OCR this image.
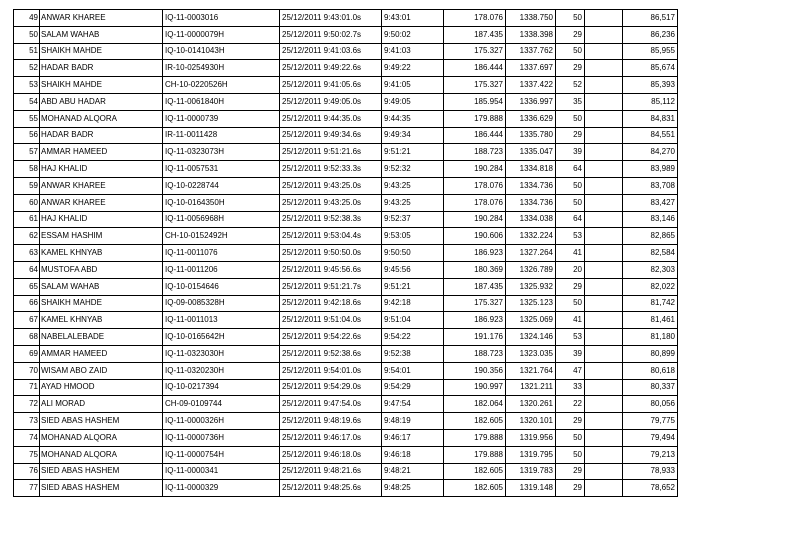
49	ANWAR KHAREE	IQ-11-0003016	25/12/2011 9:43:01.0s	9:43:01	178.076	1338.750	50		86,517
50	SALAM WAHAB	IQ-11-0000079H	25/12/2011 9:50:02.7s	9:50:02	187.435	1338.398	29		86,236
51	SHAIKH MAHDE	IQ-10-0141043H	25/12/2011 9:41:03.6s	9:41:03	175.327	1337.762	50		85,955
52	HADAR BADR	IR-10-0254930H	25/12/2011 9:49:22.6s	9:49:22	186.444	1337.697	29		85,674
53	SHAIKH MAHDE	CH-10-0220526H	25/12/2011 9:41:05.6s	9:41:05	175.327	1337.422	52		85,393
54	ABD ABU HADAR	IQ-11-0061840H	25/12/2011 9:49:05.0s	9:49:05	185.954	1336.997	35		85,112
55	MOHANAD ALQORA	IQ-11-0000739	25/12/2011 9:44:35.0s	9:44:35	179.888	1336.629	50		84,831
56	HADAR BADR	IR-11-0011428	25/12/2011 9:49:34.6s	9:49:34	186.444	1335.780	29		84,551
57	AMMAR HAMEED	IQ-11-0323073H	25/12/2011 9:51:21.6s	9:51:21	188.723	1335.047	39		84,270
58	HAJ KHALID	IQ-11-0057531	25/12/2011 9:52:33.3s	9:52:32	190.284	1334.818	64		83,989
59	ANWAR KHAREE	IQ-10-0228744	25/12/2011 9:43:25.0s	9:43:25	178.076	1334.736	50		83,708
60	ANWAR KHAREE	IQ-10-0164350H	25/12/2011 9:43:25.0s	9:43:25	178.076	1334.736	50		83,427
61	HAJ KHALID	IQ-11-0056968H	25/12/2011 9:52:38.3s	9:52:37	190.284	1334.038	64		83,146
62	ESSAM HASHIM	CH-10-0152492H	25/12/2011 9:53:04.4s	9:53:05	190.606	1332.224	53		82,865
63	KAMEL KHNYAB	IQ-11-0011076	25/12/2011 9:50:50.0s	9:50:50	186.923	1327.264	41		82,584
64	MUSTOFA ABD	IQ-11-0011206	25/12/2011 9:45:56.6s	9:45:56	180.369	1326.789	20		82,303
65	SALAM WAHAB	IQ-10-0154646	25/12/2011 9:51:21.7s	9:51:21	187.435	1325.932	29		82,022
66	SHAIKH MAHDE	IQ-09-0085328H	25/12/2011 9:42:18.6s	9:42:18	175.327	1325.123	50		81,742
67	KAMEL KHNYAB	IQ-11-0011013	25/12/2011 9:51:04.0s	9:51:04	186.923	1325.069	41		81,461
68	NABELALEBADE	IQ-10-0165642H	25/12/2011 9:54:22.6s	9:54:22	191.176	1324.146	53		81,180
69	AMMAR HAMEED	IQ-11-0323030H	25/12/2011 9:52:38.6s	9:52:38	188.723	1323.035	39		80,899
70	WISAM ABO ZAID	IQ-11-0320230H	25/12/2011 9:54:01.0s	9:54:01	190.356	1321.764	47		80,618
71	AYAD HMOOD	IQ-10-0217394	25/12/2011 9:54:29.0s	9:54:29	190.997	1321.211	33		80,337
72	ALI MORAD	CH-09-0109744	25/12/2011 9:47:54.0s	9:47:54	182.064	1320.261	22		80,056
73	SIED ABAS HASHEM	IQ-11-0000326H	25/12/2011 9:48:19.6s	9:48:19	182.605	1320.101	29		79,775
74	MOHANAD ALQORA	IQ-11-0000736H	25/12/2011 9:46:17.0s	9:46:17	179.888	1319.956	50		79,494
75	MOHANAD ALQORA	IQ-11-0000754H	25/12/2011 9:46:18.0s	9:46:18	179.888	1319.795	50		79,213
76	SIED ABAS HASHEM	IQ-11-0000341	25/12/2011 9:48:21.6s	9:48:21	182.605	1319.783	29		78,933
77	SIED ABAS HASHEM	IQ-11-0000329	25/12/2011 9:48:25.6s	9:48:25	182.605	1319.148	29		78,652
